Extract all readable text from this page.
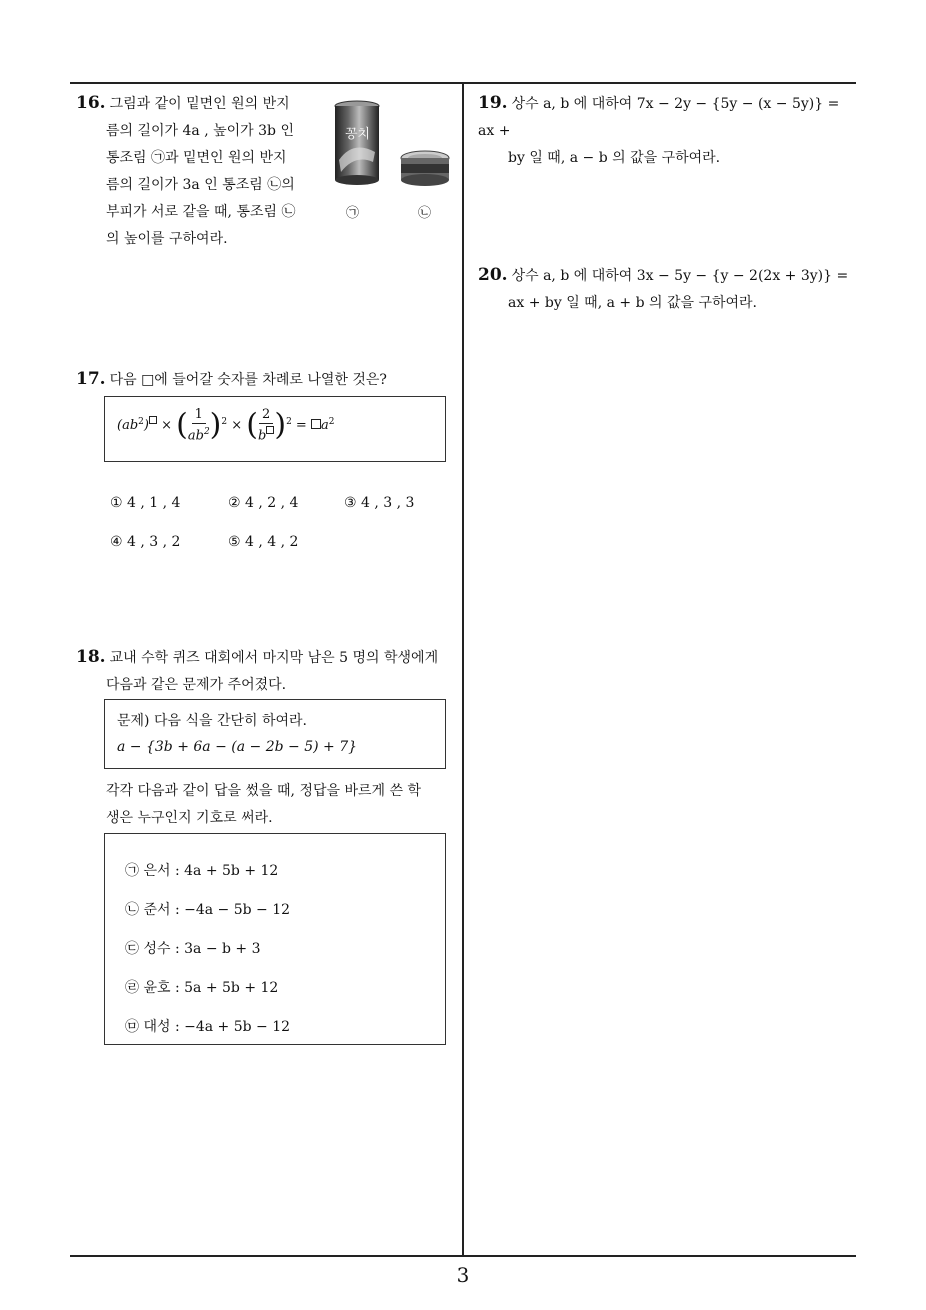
16. 그림과 같이 밑면인 원의 반지
름의 길이가 4a , 높이가 3b 인
통조림 ㉠과 밑면인 원의 반지
름의 길이가 3a 인 통조림 ㉡의
부피가 서로 같을 때, 통조림 ㉡
의 높이를 구하여라.
꽁치
㉠	㉡
17. 다음 □에 들어갈 숫자를 차례로 나열한 것은?
$(ab^2)$ × ( $\frac{1}{ab^2} )^2$ × ( $\frac{2}{b} )^2 = a^2$
① 4 , 1 , 4	② 4 , 2 , 4	③ 4 , 3 , 3
④ 4 , 3 , 2	⑤ 4 , 4 , 2
18. 교내 수학 퀴즈 대회에서 마지막 남은 5 명의 학생에게
다음과 같은 문제가 주어졌다.
문제) 다음 식을 간단히 하여라.
a − {3b + 6a − (a − 2b − 5) + 7}
각각 다음과 같이 답을 썼을 때, 정답을 바르게 쓴 학
생은 누구인지 기호로 써라.
㉠ 은서 : 4a + 5b + 12
㉡ 준서 : −4a − 5b − 12
㉢ 성수 : 3a − b + 3
㉣ 윤호 : 5a + 5b + 12
㉤ 대성 : −4a + 5b − 12
19. 상수 a, b 에 대하여 7x − 2y − {5y − (x − 5y)} = ax +
by 일 때, a − b 의 값을 구하여라.
20. 상수 a, b 에 대하여 3x − 5y − {y − 2(2x + 3y)} =
ax + by 일 때, a + b 의 값을 구하여라.
3
